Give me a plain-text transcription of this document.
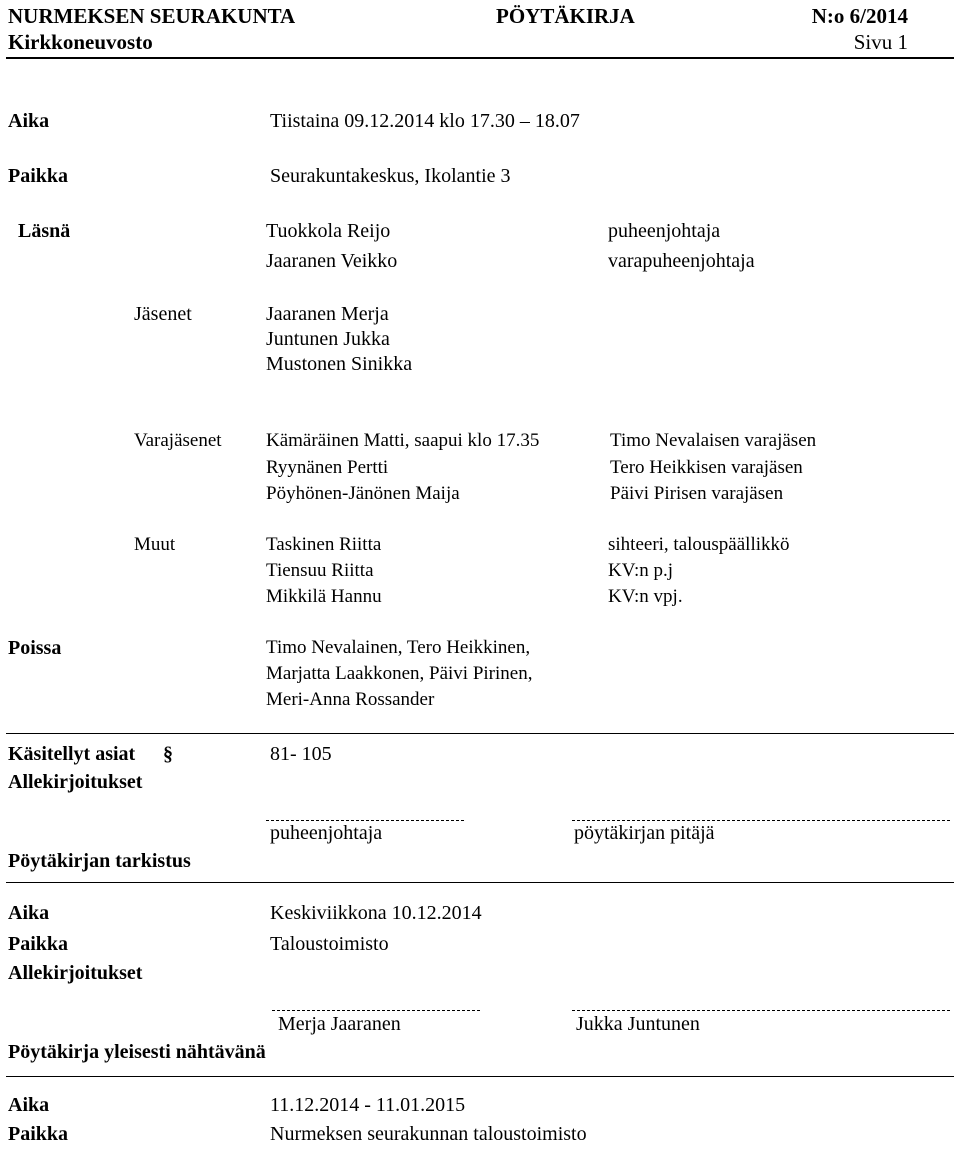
NURMEKSEN SEURAKUNTA	PÖYTÄKIRJA	N:o 6/2014
Kirkkoneuvosto	Sivu 1
Aika	Tiistaina 09.12.2014 klo 17.30 – 18.07
Paikka	Seurakuntakeskus, Ikolantie 3
Läsnä	Tuokkola Reijo	puheenjohtaja
Jaaranen Veikko	varapuheenjohtaja
Jäsenet	Jaaranen Merja
Juntunen Jukka
Mustonen Sinikka
Varajäsenet Kämäräinen Matti, saapui klo 17.35	Timo Nevalaisen varajäsen
Ryynänen Pertti	Tero Heikkisen varajäsen
Pöyhönen-Jänönen Maija	Päivi Pirisen varajäsen
Muut	Taskinen Riitta	sihteeri, talouspäällikkö
Tiensuu Riitta	KV:n p.j
Mikkilä Hannu	KV:n vpj.
Poissa	Timo Nevalainen, Tero Heikkinen,
Marjatta Laakkonen, Päivi Pirinen,
Meri-Anna Rossander
Käsitellyt asiat §	81- 105
Allekirjoitukset
puheenjohtaja	pöytäkirjan pitäjä
Pöytäkirjan tarkistus
Aika	Keskiviikkona 10.12.2014
Paikka	Taloustoimisto
Allekirjoitukset
Merja Jaaranen	Jukka Juntunen
Pöytäkirja yleisesti nähtävänä
Aika	11.12.2014 - 11.01.2015
Paikka	Nurmeksen seurakunnan taloustoimisto
